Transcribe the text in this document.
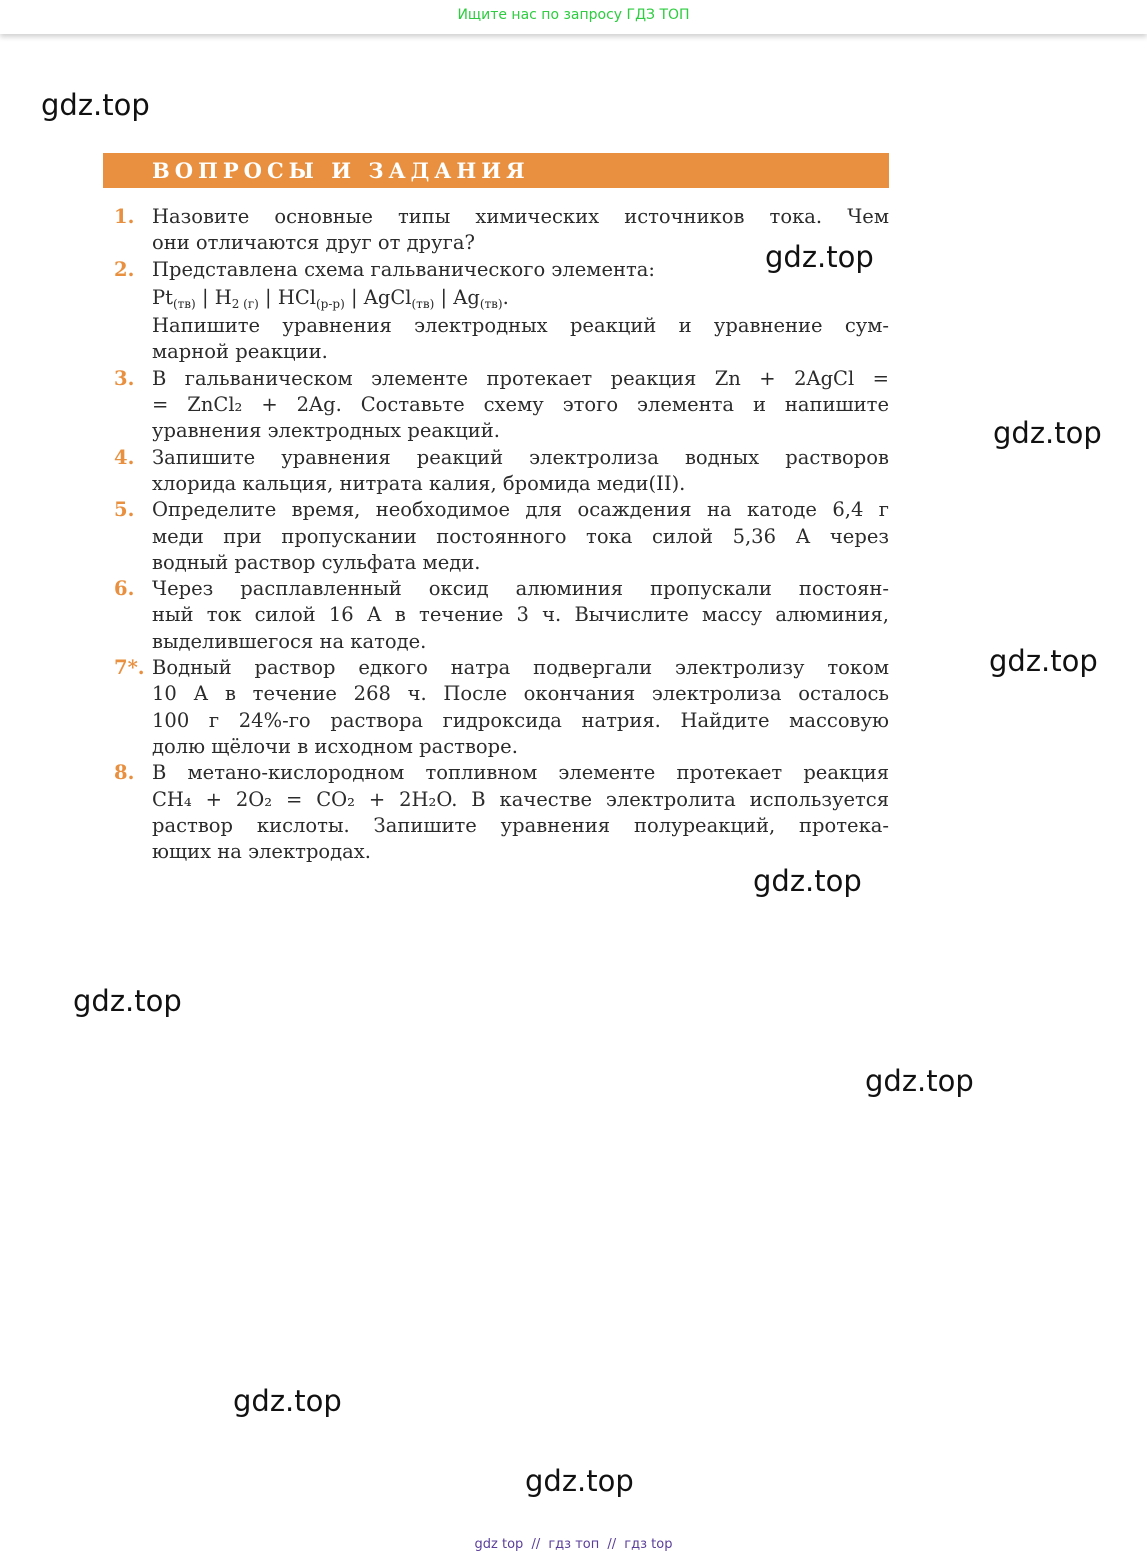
Ищите нас по запросу ГДЗ ТОП
gdz.top
gdz.top
gdz.top
gdz.top
gdz.top
gdz.top
gdz.top
gdz.top
gdz.top
ВОПРОСЫ И ЗАДАНИЯ
1. Назовите основные типы химических источников тока. Чем
они отличаются друг от друга?
2. Представлена схема гальванического элемента:
$Pt_{(тв)}$ | $H_{2 (г)}$ | HCl$_{(р-р)}$ | AgCl$_{(тв)}$ | $Ag_{(тв)}$.
Напишите уравнения электродных реакций и уравнение сум-
марной реакции.
3. В гальваническом элементе протекает реакция Zn + 2AgCl =
= ZnCl₂ + 2Ag. Составьте схему этого элемента и напишите
уравнения электродных реакций.
4. Запишите уравнения реакций электролиза водных растворов
хлорида кальция, нитрата калия, бромида меди(II).
5. Определите время, необходимое для осаждения на катоде 6,4 г
меди при пропускании постоянного тока силой 5,36 А через
водный раствор сульфата меди.
6. Через расплавленный оксид алюминия пропускали постоян-
ный ток силой 16 А в течение 3 ч. Вычислите массу алюминия,
выделившегося на катоде.
7*. Водный раствор едкого натра подвергали электролизу током
10 А в течение 268 ч. После окончания электролиза осталось
100 г 24%-го раствора гидроксида натрия. Найдите массовую
долю щёлочи в исходном растворе.
8. В метано-кислородном топливном элементе протекает реакция
CH₄ + 2O₂ = CO₂ + 2H₂O. В качестве электролита используется
раствор кислоты. Запишите уравнения полуреакций, протека-
ющих на электродах.
gdz top // гдз топ // гдз top
